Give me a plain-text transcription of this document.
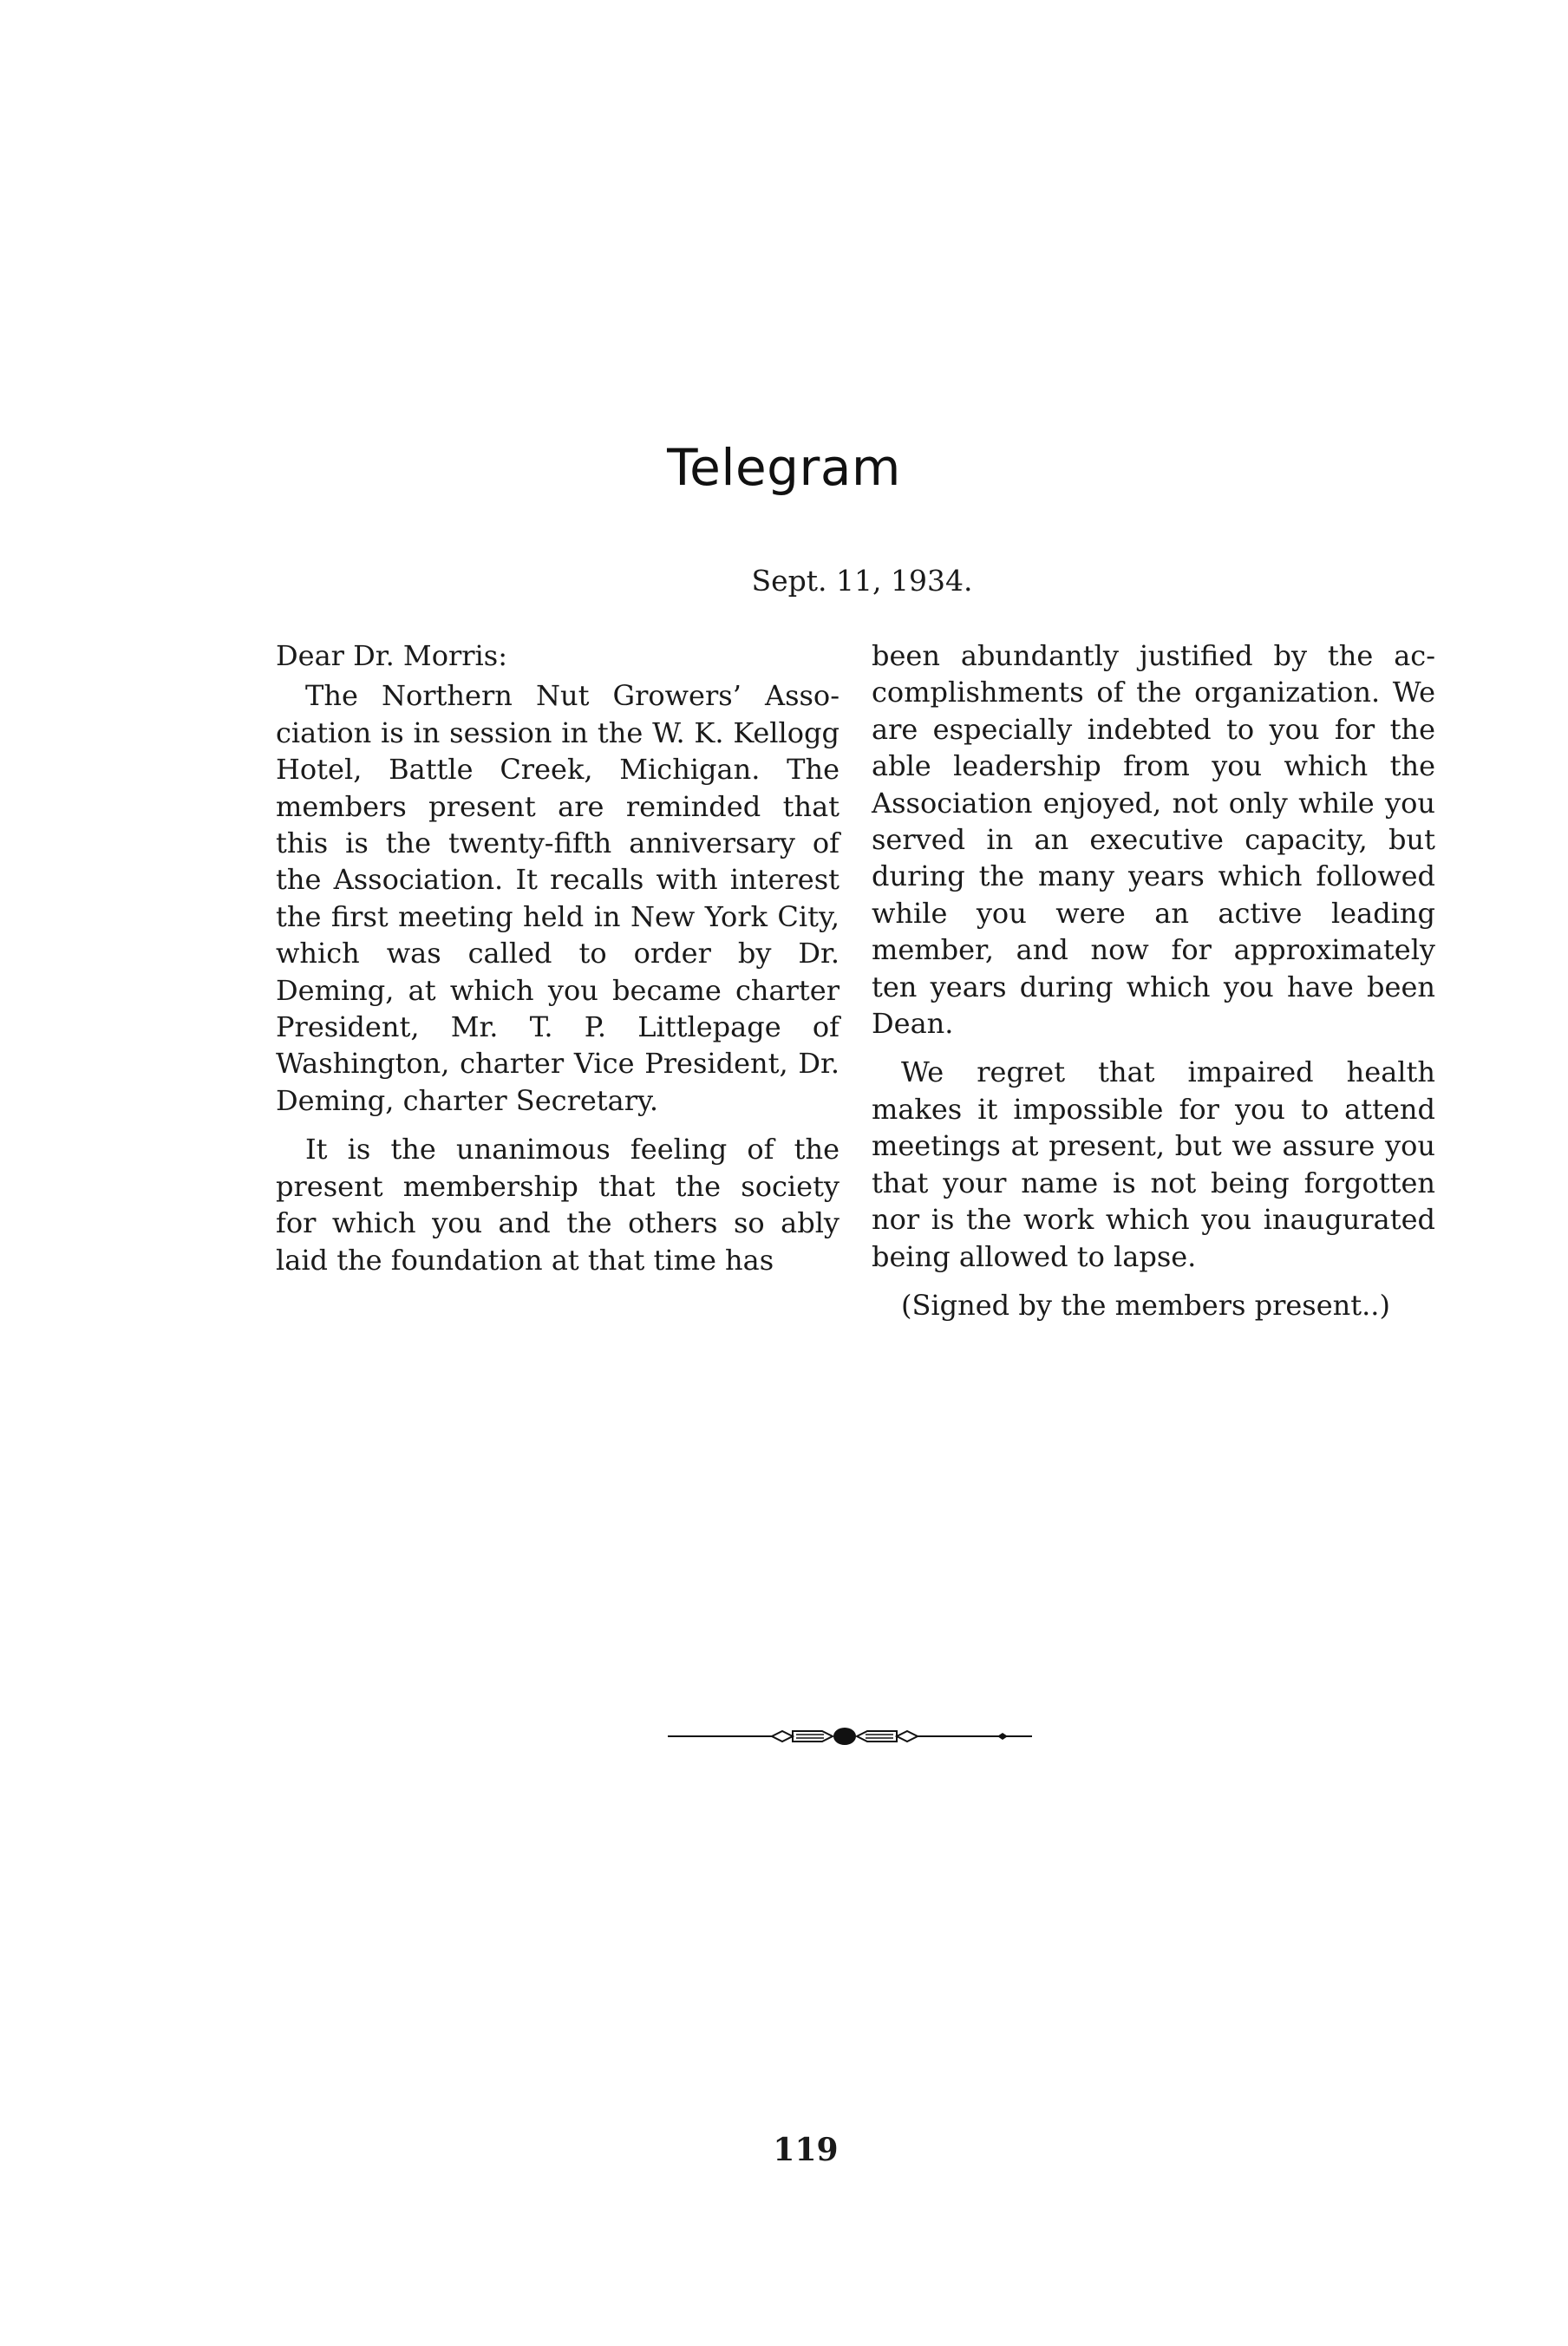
Telegram
Sept. 11, 1934.

Dear Dr. Morris:

The Northern Nut Growers’ Association is in session in the W. K. Kellogg Hotel, Battle Creek, Michigan. The members present are reminded that this is the twenty-fifth anniversary of the Association. It recalls with interest the first meeting held in New York City, which was called to order by Dr. Deming, at which you became charter President, Mr. T. P. Littlepage of Washington, charter Vice President, Dr. Deming, charter Secretary.

It is the unanimous feeling of the present membership that the society for which you and the others so ably laid the foundation at that time has

been abundantly justified by the accomplishments of the organization. We are especially indebted to you for the able leadership from you which the Association enjoyed, not only while you served in an executive capacity, but during the many years which followed while you were an active leading member, and now for approximately ten years during which you have been Dean.

We regret that impaired health makes it impossible for you to attend meetings at present, but we assure you that your name is not being forgotten nor is the work which you inaugurated being allowed to lapse.

(Signed by the members present..)

119
